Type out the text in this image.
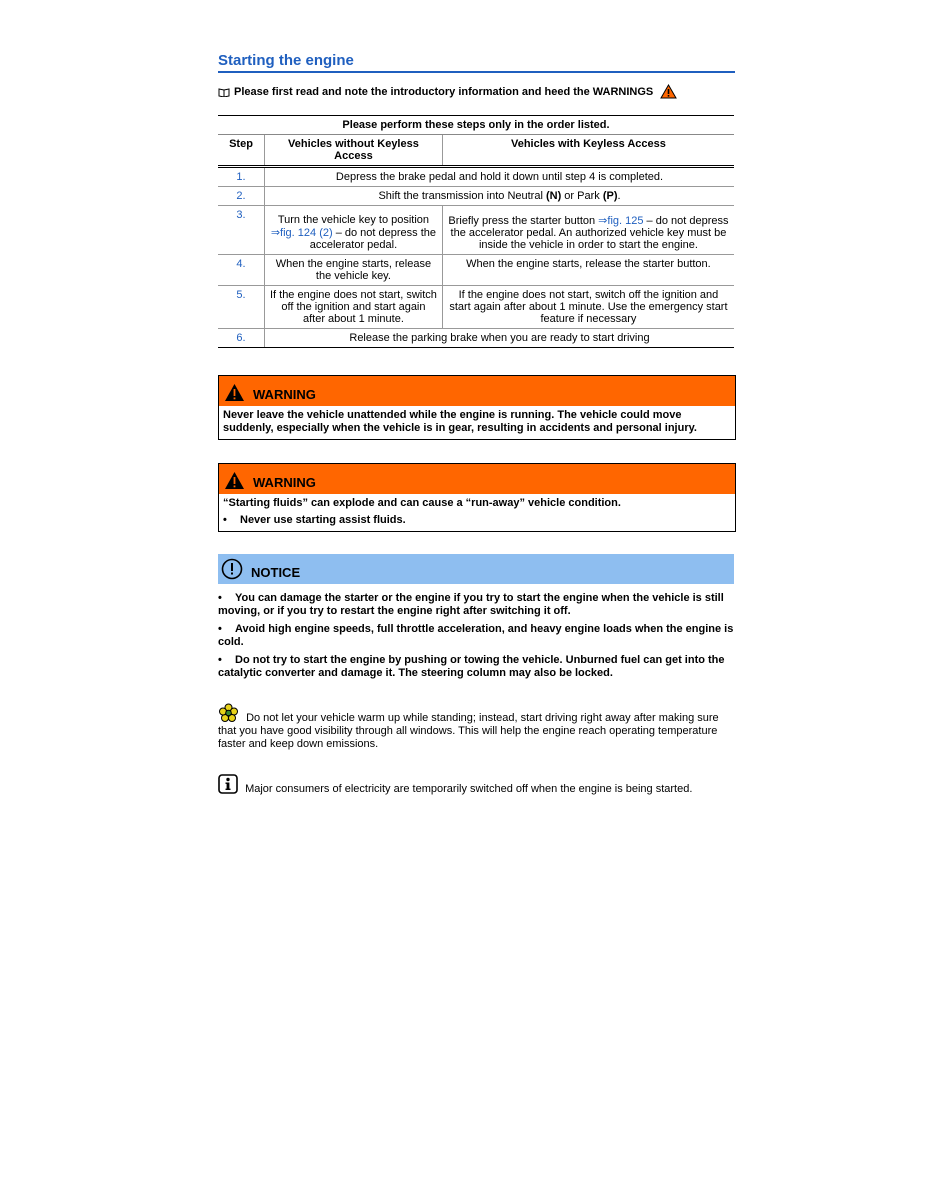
Starting the engine
Please first read and note the introductory information and heed the WARNINGS
Please perform these steps only in the order listed.		
Step	Vehicles without Keyless Access	Vehicles with Keyless Access
1.	Depress the brake pedal and hold it down until step 4 is completed.	
2.	Shift the transmission into Neutral (N) or Park (P).	
3.	Turn the vehicle key to position ⇒fig. 124 (2) – do not depress the accelerator pedal.	Briefly press the starter button ⇒fig. 125 – do not depress the accelerator pedal. An authorized vehicle key must be inside the vehicle in order to start the engine.
4.	When the engine starts, release the vehicle key.	When the engine starts, release the starter button.
5.	If the engine does not start, switch off the ignition and start again after about 1 minute.	If the engine does not start, switch off the ignition and start again after about 1 minute. Use the emergency start feature if necessary
6.	Release the parking brake when you are ready to start driving	
WARNING
Never leave the vehicle unattended while the engine is running. The vehicle could move suddenly, especially when the vehicle is in gear, resulting in accidents and personal injury.
WARNING
“Starting fluids” can explode and can cause a “run-away” vehicle condition.
• Never use starting assist fluids.
NOTICE
• You can damage the starter or the engine if you try to start the engine when the vehicle is still moving, or if you try to restart the engine right after switching it off.
• Avoid high engine speeds, full throttle acceleration, and heavy engine loads when the engine is cold.
• Do not try to start the engine by pushing or towing the vehicle. Unburned fuel can get into the catalytic converter and damage it. The steering column may also be locked.
Do not let your vehicle warm up while standing; instead, start driving right away after making sure that you have good visibility through all windows. This will help the engine reach operating temperature faster and keep down emissions.
Major consumers of electricity are temporarily switched off when the engine is being started.
